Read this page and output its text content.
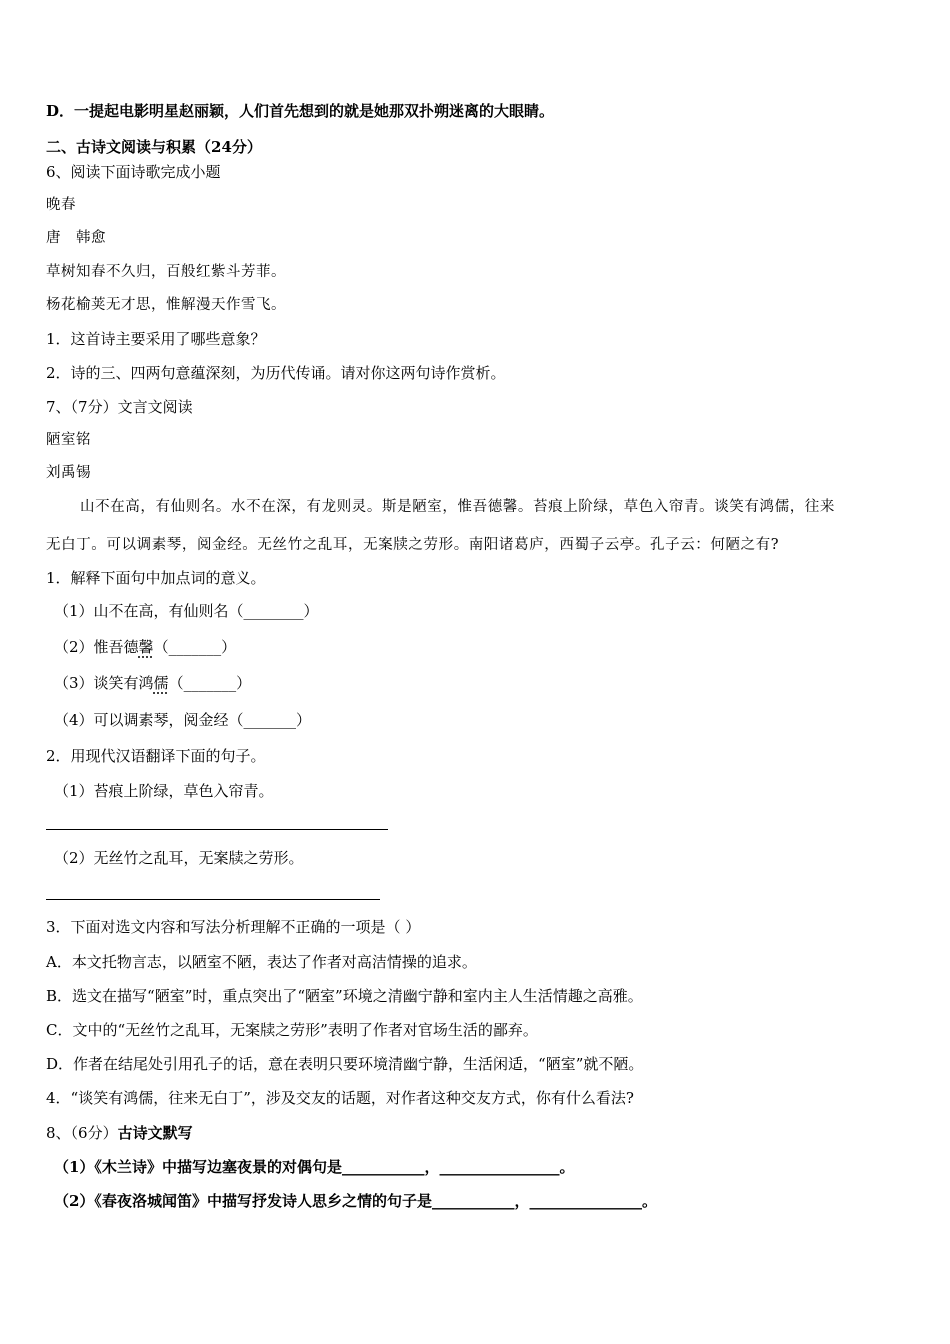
D．一提起电影明星赵丽颖，人们首先想到的就是她那双扑朔迷离的大眼睛。
二、古诗文阅读与积累（24分）
6、阅读下面诗歌完成小题
晚春
唐　韩愈
草树知春不久归，百般红紫斗芳菲。
杨花榆荚无才思，惟解漫天作雪飞。
1．这首诗主要采用了哪些意象？
2．诗的三、四两句意蕴深刻，为历代传诵。请对你这两句诗作赏析。
7、（7分）文言文阅读
陋室铭
刘禹锡
山不在高，有仙则名。水不在深，有龙则灵。斯是陋室，惟吾德馨。苔痕上阶绿，草色入帘青。谈笑有鸿儒，往来
无白丁。可以调素琴，阅金经。无丝竹之乱耳，无案牍之劳形。南阳诸葛庐，西蜀子云亭。孔子云：何陋之有?
1．解释下面句中加点词的意义。
（1）山不在高，有仙则名（________）
（2）惟吾德馨（_______）
（3）谈笑有鸿儒（_______）
（4）可以调素琴，阅金经（_______）
2．用现代汉语翻译下面的句子。
（1）苔痕上阶绿，草色入帘青。
（2）无丝竹之乱耳，无案牍之劳形。
3．下面对选文内容和写法分析理解不正确的一项是（ ）
A．本文托物言志，以陋室不陋，表达了作者对高洁情操的追求。
B．选文在描写“陋室”时，重点突出了“陋室”环境之清幽宁静和室内主人生活情趣之高雅。
C．文中的“无丝竹之乱耳，无案牍之劳形”表明了作者对官场生活的鄙弃。
D．作者在结尾处引用孔子的话，意在表明只要环境清幽宁静，生活闲适，“陋室”就不陋。
4．“谈笑有鸿儒，往来无白丁”，涉及交友的话题，对作者这种交友方式，你有什么看法?
8、（6分）古诗文默写
（1）《木兰诗》中描写边塞夜景的对偶句是___________，________________。
（2）《春夜洛城闻笛》中描写抒发诗人思乡之情的句子是___________，_______________。
